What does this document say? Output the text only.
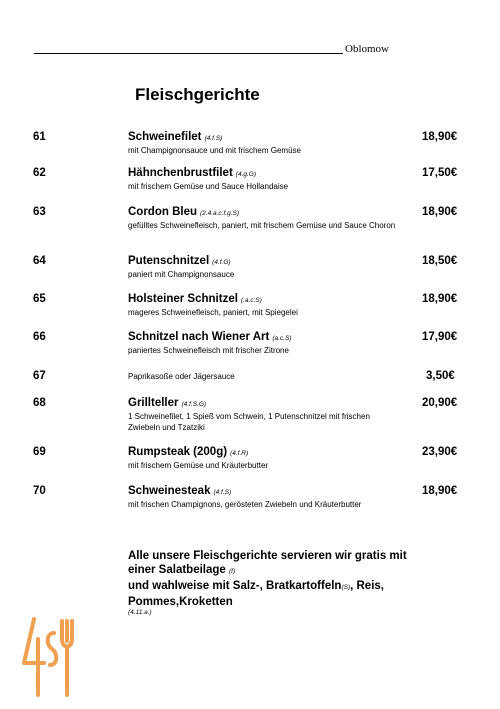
Oblomow
Fleischgerichte
61	Schweinefilet (4.f.S)
mit Champignonsauce und mit frischem Gemüse
18,90€
62	Hähnchenbrustfilet (4.g.G)
mit frischem Gemüse und Sauce Hollandaise
17,50€
63	Cordon Bleu (2.4.a.c.f.g.S)
gefülltes Schweinefleisch, paniert, mit frischem Gemüse und Sauce Choron
18,90€
64	Putenschnitzel (4.f.G)
paniert mit Champignonsauce
18,50€
65	Holsteiner Schnitzel (.a.c.S)
mageres Schweinefleisch, paniert, mit Spiegelei
18,90€
66	Schnitzel nach Wiener Art (a.c.S)
paniertes Schweinefleisch mit frischer Zitrone
17,90€
67	Paprikasoße oder Jägersauce	3,50€
68	Grillteller (4.f.S.G)
1 Schweinefilet, 1 Spieß vom Schwein, 1 Putenschnitzel mit frischen Zwiebeln und Tzatziki
20,90€
69	Rumpsteak (200g) (4.f.R)
mit frischem Gemüse und Kräuterbutter
23,90€
70	Schweinesteak (4.f.S)
mit frischen Champignons, gerösteten Zwiebeln und Kräuterbutter
18,90€
Alle unsere Fleischgerichte servieren wir gratis mit einer Salatbeilage (f)
und wahlweise mit Salz-, Bratkartoffeln(S), Reis, Pommes,Kroketten
(4.11.a.)
